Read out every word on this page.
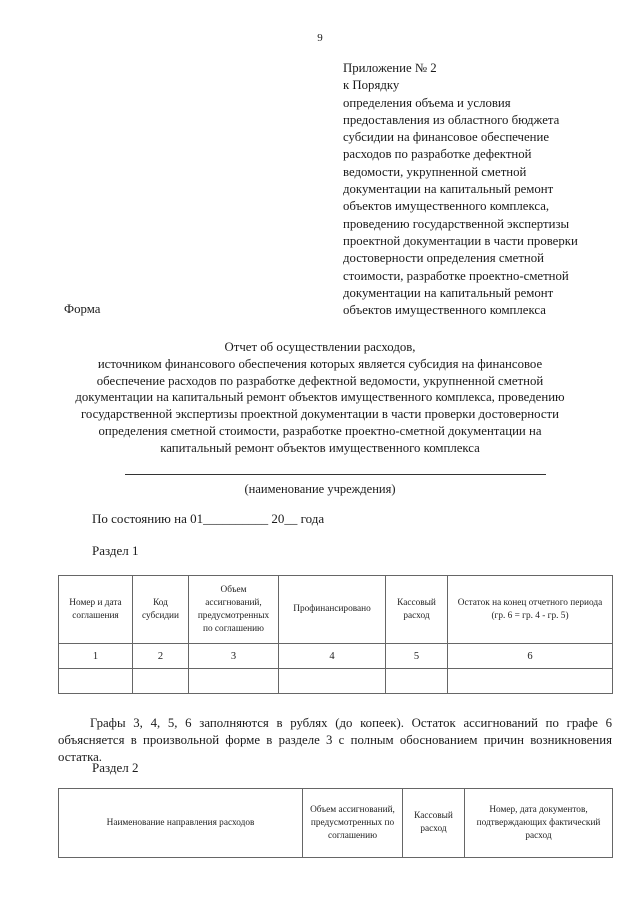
9
Приложение № 2
к Порядку
определения объема и условия
предоставления из областного бюджета
субсидии на финансовое обеспечение
расходов по разработке дефектной
ведомости, укрупненной сметной
документации на капитальный ремонт
объектов имущественного комплекса,
проведению государственной экспертизы
проектной документации в части проверки
достоверности определения сметной
стоимости, разработке проектно-сметной
документации на капитальный ремонт
объектов имущественного комплекса
Форма
Отчет об осуществлении расходов,
источником финансового обеспечения которых является субсидия на финансовое
обеспечение расходов по разработке дефектной ведомости, укрупненной сметной
документации на капитальный ремонт объектов имущественного комплекса, проведению
государственной экспертизы проектной документации в части проверки достоверности
определения сметной стоимости, разработке проектно-сметной документации на
капитальный ремонт объектов имущественного комплекса
(наименование учреждения)
По состоянию на 01__________ 20__ года
Раздел 1
Номер и дата соглашения	Код субсидии	Объем ассигнований, предусмотренных по соглашению	Профинансировано	Кассовый расход	Остаток на конец отчетного периода (гр. 6 = гр. 4 - гр. 5)
1	2	3	4	5	6

Графы 3, 4, 5, 6 заполняются в рублях (до копеек). Остаток ассигнований по графе 6 объясняется в произвольной форме в разделе 3 с полным обоснованием причин возникновения остатка.
Раздел 2
Наименование направления расходов	Объем ассигнований, предусмотренных по соглашению	Кассовый расход	Номер, дата документов, подтверждающих фактический расход
